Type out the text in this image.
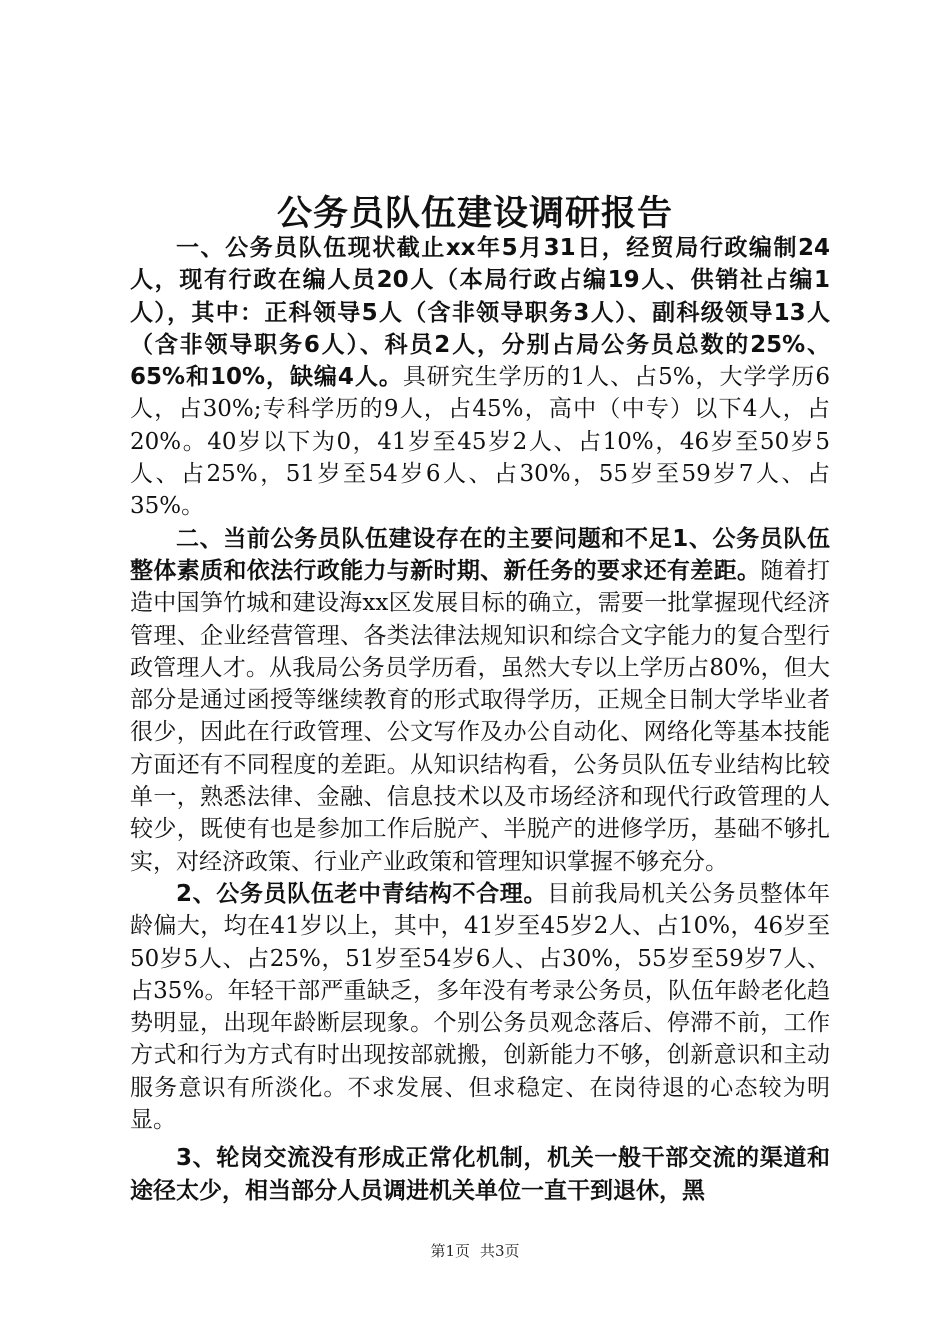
公务员队伍建设调研报告

一、公务员队伍现状截止xx年5月31日，经贸局行政编制24人，现有行政在编人员20人（本局行政占编19人、供销社占编1人），其中：正科领导5人（含非领导职务3人）、副科级领导13人（含非领导职务6人）、科员2人，分别占局公务员总数的25%、65%和10%，缺编4人。具研究生学历的1人、占5%，大学学历6人，占30%;专科学历的9人，占45%，高中（中专）以下4人，占20%。40岁以下为0，41岁至45岁2人、占10%，46岁至50岁5人、占25%，51岁至54岁6人、占30%，55岁至59岁7人、占35%。

二、当前公务员队伍建设存在的主要问题和不足1、公务员队伍整体素质和依法行政能力与新时期、新任务的要求还有差距。随着打造中国笋竹城和建设海xx区发展目标的确立，需要一批掌握现代经济管理、企业经营管理、各类法律法规知识和综合文字能力的复合型行政管理人才。从我局公务员学历看，虽然大专以上学历占80%，但大部分是通过函授等继续教育的形式取得学历，正规全日制大学毕业者很少，因此在行政管理、公文写作及办公自动化、网络化等基本技能方面还有不同程度的差距。从知识结构看，公务员队伍专业结构比较单一，熟悉法律、金融、信息技术以及市场经济和现代行政管理的人较少，既使有也是参加工作后脱产、半脱产的进修学历，基础不够扎实，对经济政策、行业产业政策和管理知识掌握不够充分。

2、公务员队伍老中青结构不合理。目前我局机关公务员整体年龄偏大，均在41岁以上，其中，41岁至45岁2人、占10%，46岁至50岁5人、占25%，51岁至54岁6人、占30%，55岁至59岁7人、占35%。年轻干部严重缺乏，多年没有考录公务员，队伍年龄老化趋势明显，出现年龄断层现象。个别公务员观念落后、停滞不前，工作方式和行为方式有时出现按部就搬，创新能力不够，创新意识和主动服务意识有所淡化。不求发展、但求稳定、在岗待退的心态较为明显。

3、轮岗交流没有形成正常化机制，机关一般干部交流的渠道和途径太少，相当部分人员调进机关单位一直干到退休，黑

第1页 共3页
